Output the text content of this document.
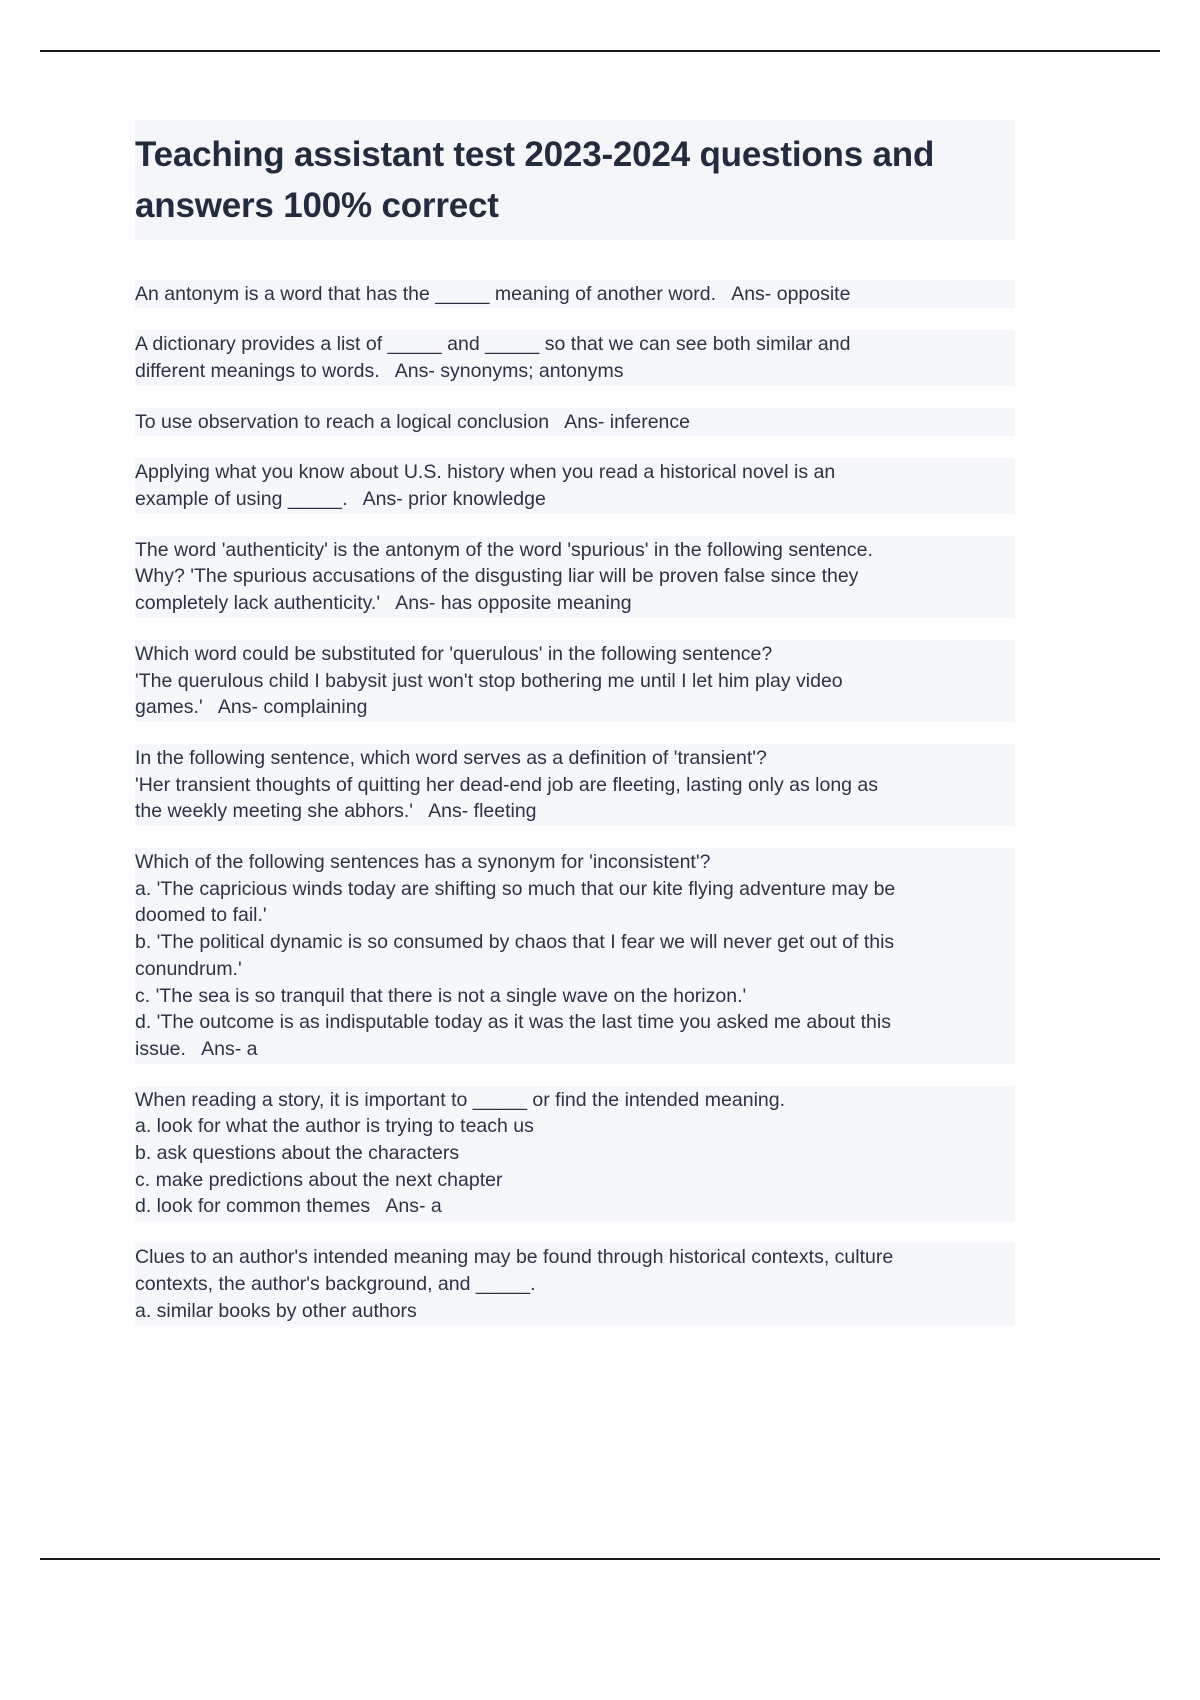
Teaching assistant test 2023-2024 questions and answers 100% correct
An antonym is a word that has the _____ meaning of another word.   Ans- opposite
A dictionary provides a list of _____ and _____ so that we can see both similar and
different meanings to words.   Ans- synonyms; antonyms
To use observation to reach a logical conclusion   Ans- inference
Applying what you know about U.S. history when you read a historical novel is an
example of using _____.   Ans- prior knowledge
The word 'authenticity' is the antonym of the word 'spurious' in the following sentence.
Why? 'The spurious accusations of the disgusting liar will be proven false since they
completely lack authenticity.'   Ans- has opposite meaning
Which word could be substituted for 'querulous' in the following sentence?
'The querulous child I babysit just won't stop bothering me until I let him play video
games.'   Ans- complaining
In the following sentence, which word serves as a definition of 'transient'?
'Her transient thoughts of quitting her dead-end job are fleeting, lasting only as long as
the weekly meeting she abhors.'   Ans- fleeting
Which of the following sentences has a synonym for 'inconsistent'?
a. 'The capricious winds today are shifting so much that our kite flying adventure may be
doomed to fail.'
b. 'The political dynamic is so consumed by chaos that I fear we will never get out of this
conundrum.'
c. 'The sea is so tranquil that there is not a single wave on the horizon.'
d. 'The outcome is as indisputable today as it was the last time you asked me about this
issue.   Ans- a
When reading a story, it is important to _____ or find the intended meaning.
a. look for what the author is trying to teach us
b. ask questions about the characters
c. make predictions about the next chapter
d. look for common themes   Ans- a
Clues to an author's intended meaning may be found through historical contexts, culture
contexts, the author's background, and _____.
a. similar books by other authors
